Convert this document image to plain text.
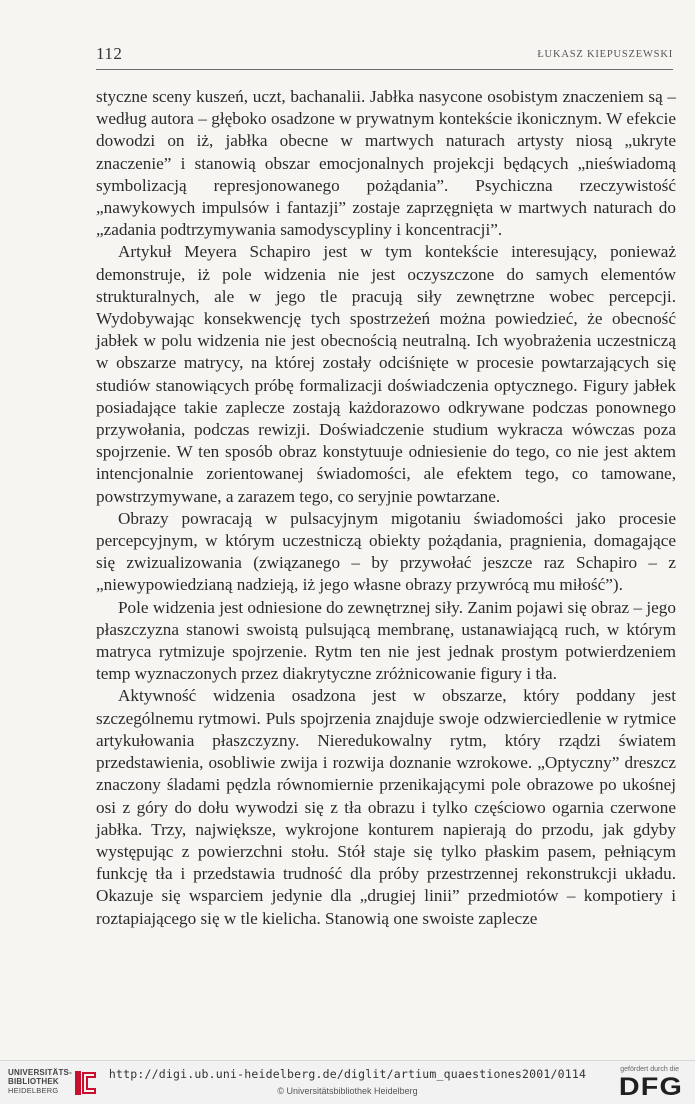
112	ŁUKASZ KIEPUSZEWSKI

styczne sceny kuszeń, uczt, bachanalii. Jabłka nasycone osobistym znaczeniem są – według autora – głęboko osadzone w prywatnym kontekście ikonicznym. W efekcie dowodzi on iż, jabłka obecne w martwych naturach artysty niosą „ukryte znaczenie” i stanowią obszar emocjonalnych projekcji będących „nieświadomą symbolizacją represjonowanego pożądania”. Psychiczna rzeczywistość „nawykowych impulsów i fantazji” zostaje zaprzęgnięta w martwych naturach do „zadania podtrzymywania samodyscypliny i koncentracji”.

Artykuł Meyera Schapiro jest w tym kontekście interesujący, ponieważ demonstruje, iż pole widzenia nie jest oczyszczone do samych elementów strukturalnych, ale w jego tle pracują siły zewnętrzne wobec percepcji. Wydobywając konsekwencję tych spostrzeżeń można powiedzieć, że obecność jabłek w polu widzenia nie jest obecnością neutralną. Ich wyobrażenia uczestniczą w obszarze matrycy, na której zostały odciśnięte w procesie powtarzających się studiów stanowiących próbę formalizacji doświadczenia optycznego. Figury jabłek posiadające takie zaplecze zostają każdorazowo odkrywane podczas ponownego przywołania, podczas rewizji. Doświadczenie studium wykracza wówczas poza spojrzenie. W ten sposób obraz konstytuuje odniesienie do tego, co nie jest aktem intencjonalnie zorientowanej świadomości, ale efektem tego, co tamowane, powstrzymywane, a zarazem tego, co seryjnie powtarzane.

Obrazy powracają w pulsacyjnym migotaniu świadomości jako procesie percepcyjnym, w którym uczestniczą obiekty pożądania, pragnienia, domagające się zwizualizowania (związanego – by przywołać jeszcze raz Schapiro – z „niewypowiedzianą nadzieją, iż jego własne obrazy przywrócą mu miłość”).

Pole widzenia jest odniesione do zewnętrznej siły. Zanim pojawi się obraz – jego płaszczyzna stanowi swoistą pulsującą membranę, ustanawiającą ruch, w którym matryca rytmizuje spojrzenie. Rytm ten nie jest jednak prostym potwierdzeniem temp wyznaczonych przez diakrytyczne zróżnicowanie figury i tła.

Aktywność widzenia osadzona jest w obszarze, który poddany jest szczególnemu rytmowi. Puls spojrzenia znajduje swoje odzwierciedlenie w rytmice artykułowania płaszczyzny. Nieredukowalny rytm, który rządzi światem przedstawienia, osobliwie zwija i rozwija doznanie wzrokowe. „Optyczny” dreszcz znaczony śladami pędzla równomiernie przenikającymi pole obrazowe po ukośnej osi z góry do dołu wywodzi się z tła obrazu i tylko częściowo ogarnia czerwone jabłka. Trzy, największe, wykrojone konturem napierają do przodu, jak gdyby występując z powierzchni stołu. Stół staje się tylko płaskim pasem, pełniącym funkcję tła i przedstawia trudność dla próby przestrzennej rekonstrukcji układu. Okazuje się wsparciem jedynie dla „drugiej linii” przedmiotów – kompotiery i roztapiającego się w tle kielicha. Stanowią one swoiste zaplecze

UNIVERSITÄTS-
BIBLIOTHEK
HEIDELBERG
http://digi.ub.uni-heidelberg.de/diglit/artium_quaestiones2001/0114
© Universitätsbibliothek Heidelberg
gefördert durch die
DFG
